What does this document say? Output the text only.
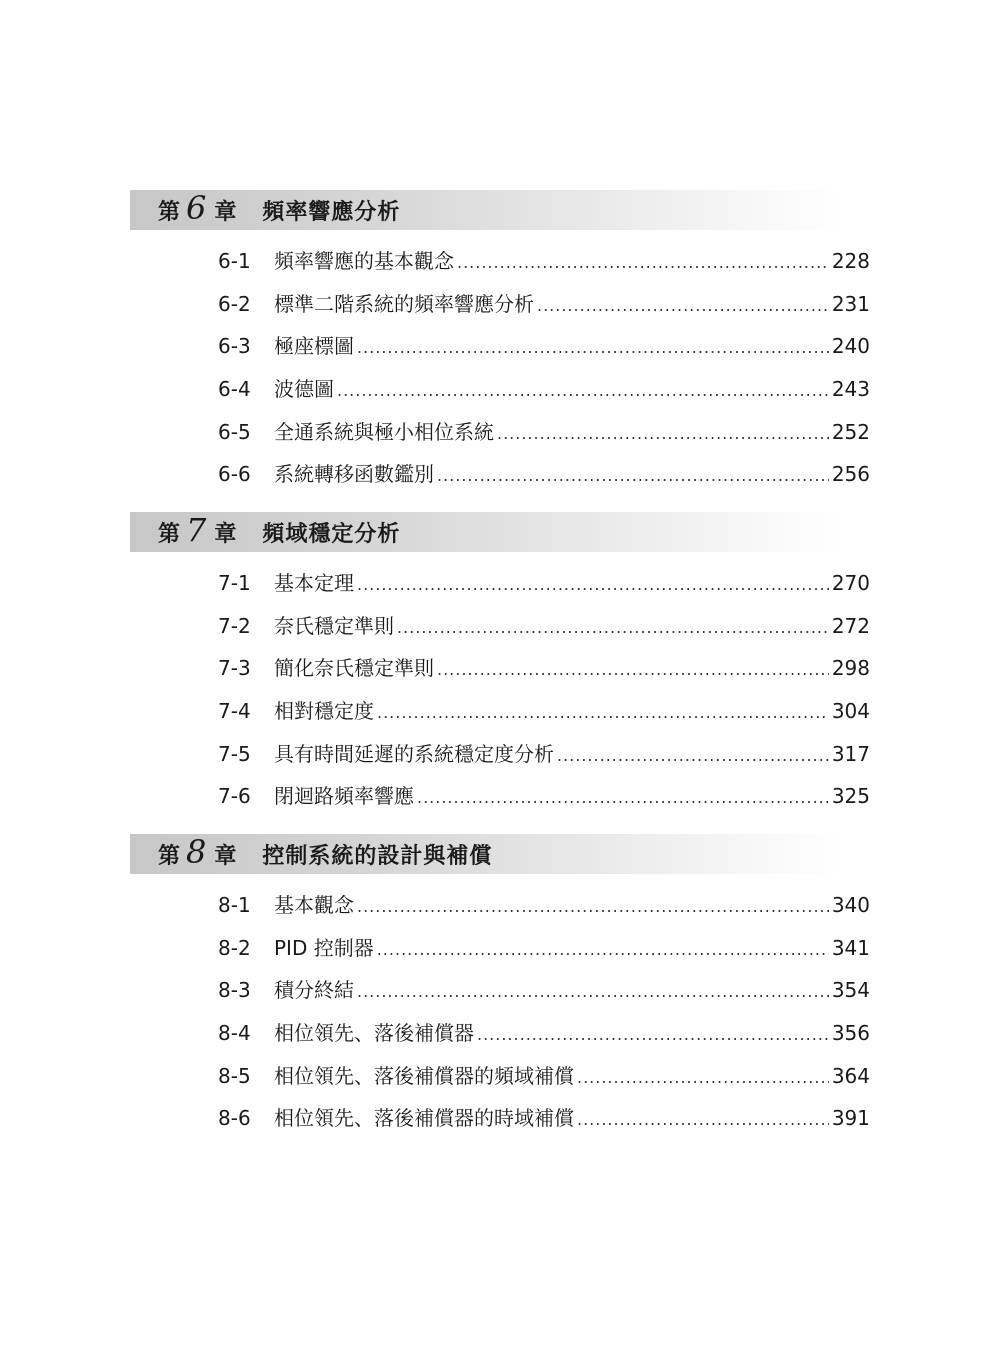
第 6 章 頻率響應分析
6-1	頻率響應的基本觀念 .....	228
6-2	標準二階系統的頻率響應分析 .....	231
6-3	極座標圖 .....	240
6-4	波德圖 .....	243
6-5	全通系統與極小相位系統 .....	252
6-6	系統轉移函數鑑別 .....	256
第 7 章 頻域穩定分析
7-1	基本定理 .....	270
7-2	奈氏穩定準則 .....	272
7-3	簡化奈氏穩定準則 .....	298
7-4	相對穩定度 .....	304
7-5	具有時間延遲的系統穩定度分析 .....	317
7-6	閉迴路頻率響應 .....	325
第 8 章 控制系統的設計與補償
8-1	基本觀念 .....	340
8-2	PID 控制器 .....	341
8-3	積分終結 .....	354
8-4	相位領先、落後補償器 .....	356
8-5	相位領先、落後補償器的頻域補償 .....	364
8-6	相位領先、落後補償器的時域補償 .....	391
